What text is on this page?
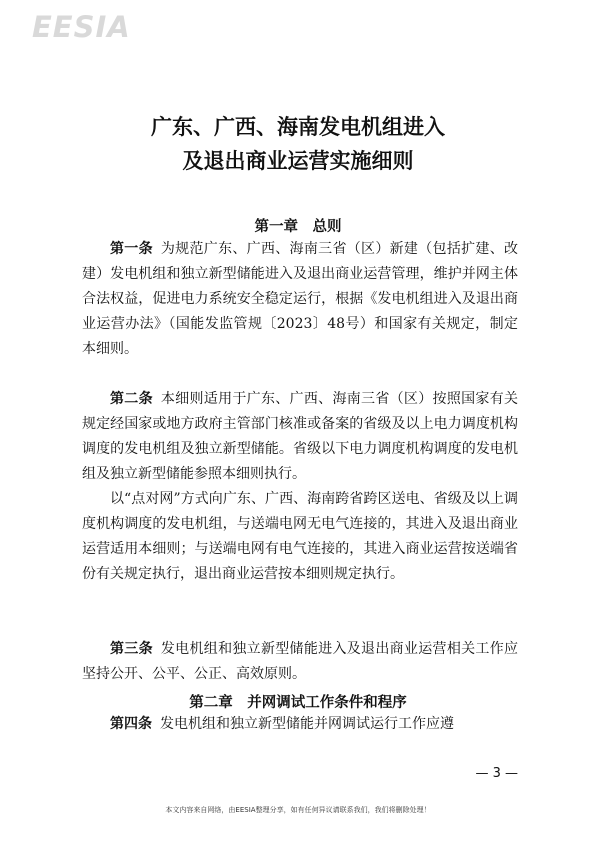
EESIA
广东、广西、海南发电机组进入
及退出商业运营实施细则
第一章　总则
第一条 为规范广东、广西、海南三省（区）新建（包括扩建、改建）发电机组和独立新型储能进入及退出商业运营管理，维护并网主体合法权益，促进电力系统安全稳定运行，根据《发电机组进入及退出商业运营办法》（国能发监管规〔2023〕48号）和国家有关规定，制定本细则。
第二条 本细则适用于广东、广西、海南三省（区）按照国家有关规定经国家或地方政府主管部门核准或备案的省级及以上电力调度机构调度的发电机组及独立新型储能。省级以下电力调度机构调度的发电机组及独立新型储能参照本细则执行。
以“点对网”方式向广东、广西、海南跨省跨区送电、省级及以上调度机构调度的发电机组，与送端电网无电气连接的，其进入及退出商业运营适用本细则；与送端电网有电气连接的，其进入商业运营按送端省份有关规定执行，退出商业运营按本细则规定执行。
第三条 发电机组和独立新型储能进入及退出商业运营相关工作应坚持公开、公平、公正、高效原则。
第二章　并网调试工作条件和程序
第四条 发电机组和独立新型储能并网调试运行工作应遵
— 3 —
本文内容来自网络，由EESIA整理分享，如有任何异议请联系我们，我们将删除处理！
